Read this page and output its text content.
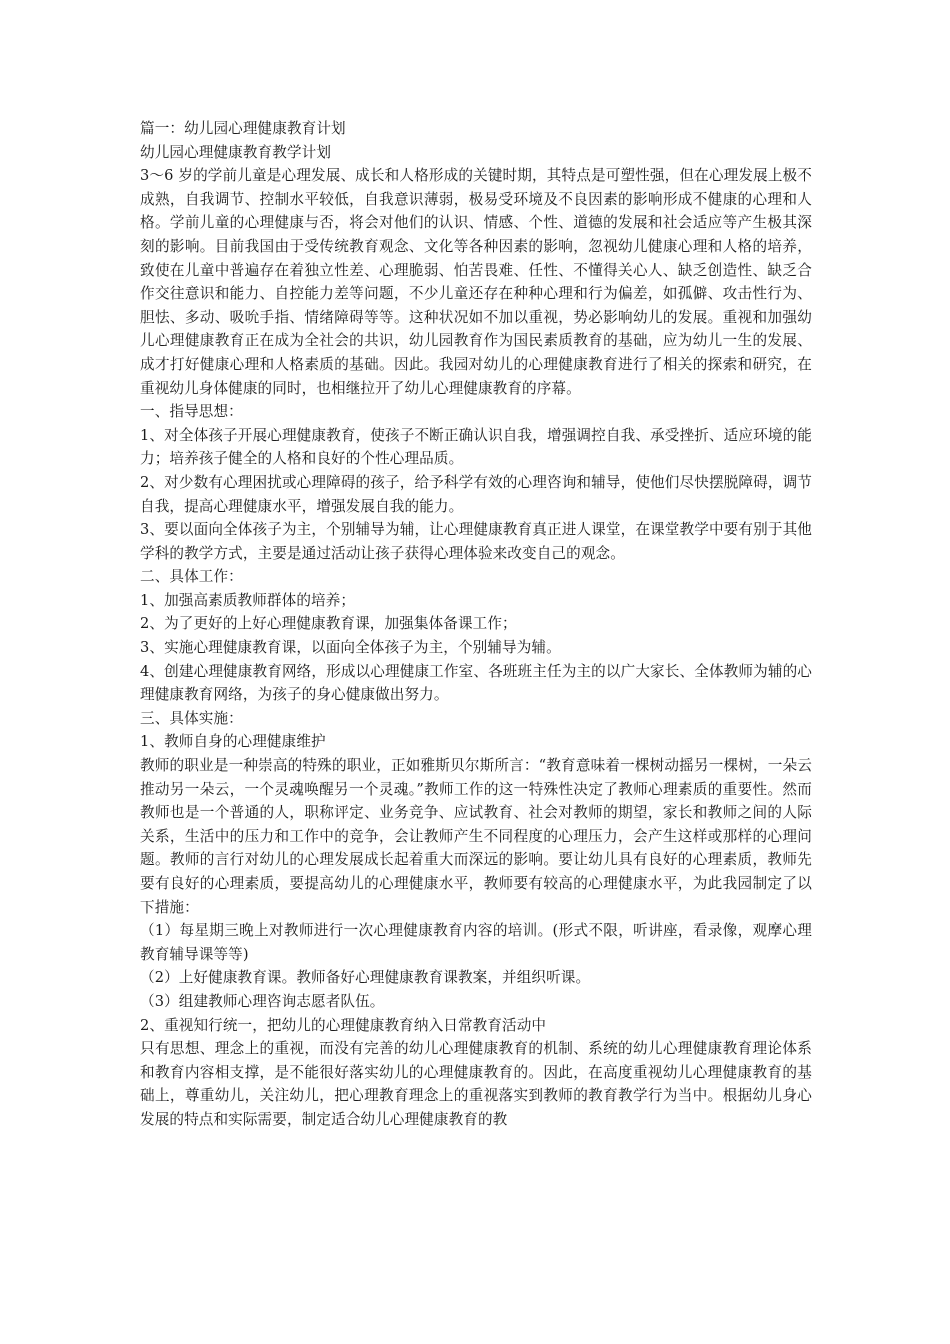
篇一：幼儿园心理健康教育计划

幼儿园心理健康教育教学计划

3～6 岁的学前儿童是心理发展、成长和人格形成的关键时期，其特点是可塑性强，但在心理发展上极不成熟，自我调节、控制水平较低，自我意识薄弱，极易受环境及不良因素的影响形成不健康的心理和人格。学前儿童的心理健康与否，将会对他们的认识、情感、个性、道德的发展和社会适应等产生极其深刻的影响。目前我国由于受传统教育观念、文化等各种因素的影响，忽视幼儿健康心理和人格的培养，致使在儿童中普遍存在着独立性差、心理脆弱、怕苦畏难、任性、不懂得关心人、缺乏创造性、缺乏合作交往意识和能力、自控能力差等问题，不少儿童还存在种种心理和行为偏差，如孤僻、攻击性行为、胆怯、多动、吸吮手指、情绪障碍等等。这种状况如不加以重视，势必影响幼儿的发展。重视和加强幼儿心理健康教育正在成为全社会的共识，幼儿园教育作为国民素质教育的基础，应为幼儿一生的发展、成才打好健康心理和人格素质的基础。因此。我园对幼儿的心理健康教育进行了相关的探索和研究，在重视幼儿身体健康的同时，也相继拉开了幼儿心理健康教育的序幕。

一、指导思想：

1、对全体孩子开展心理健康教育，使孩子不断正确认识自我，增强调控自我、承受挫折、适应环境的能力；培养孩子健全的人格和良好的个性心理品质。

2、对少数有心理困扰或心理障碍的孩子，给予科学有效的心理咨询和辅导，使他们尽快摆脱障碍，调节自我，提高心理健康水平，增强发展自我的能力。

3、要以面向全体孩子为主，个别辅导为辅，让心理健康教育真正进人课堂，在课堂教学中要有别于其他学科的教学方式，主要是通过活动让孩子获得心理体验来改变自己的观念。

二、具体工作：

1、加强高素质教师群体的培养；

2、为了更好的上好心理健康教育课，加强集体备课工作；

3、实施心理健康教育课，以面向全体孩子为主，个别辅导为辅。

4、创建心理健康教育网络，形成以心理健康工作室、各班班主任为主的以广大家长、全体教师为辅的心理健康教育网络，为孩子的身心健康做出努力。

三、具体实施：

1、教师自身的心理健康维护

教师的职业是一种崇高的特殊的职业，正如雅斯贝尔斯所言：“教育意味着一棵树动摇另一棵树，一朵云推动另一朵云，一个灵魂唤醒另一个灵魂。”教师工作的这一特殊性决定了教师心理素质的重要性。然而教师也是一个普通的人，职称评定、业务竞争、应试教育、社会对教师的期望，家长和教师之间的人际关系，生活中的压力和工作中的竞争，会让教师产生不同程度的心理压力，会产生这样或那样的心理问题。教师的言行对幼儿的心理发展成长起着重大而深远的影响。要让幼儿具有良好的心理素质，教师先要有良好的心理素质，要提高幼儿的心理健康水平，教师要有较高的心理健康水平，为此我园制定了以下措施：

（1）每星期三晚上对教师进行一次心理健康教育内容的培训。(形式不限，听讲座，看录像，观摩心理教育辅导课等等)

（2）上好健康教育课。教师备好心理健康教育课教案，并组织听课。

（3）组建教师心理咨询志愿者队伍。

2、重视知行统一，把幼儿的心理健康教育纳入日常教育活动中

只有思想、理念上的重视，而没有完善的幼儿心理健康教育的机制、系统的幼儿心理健康教育理论体系和教育内容相支撑，是不能很好落实幼儿的心理健康教育的。因此，在高度重视幼儿心理健康教育的基础上，尊重幼儿，关注幼儿，把心理教育理念上的重视落实到教师的教育教学行为当中。根据幼儿身心发展的特点和实际需要，制定适合幼儿心理健康教育的教
